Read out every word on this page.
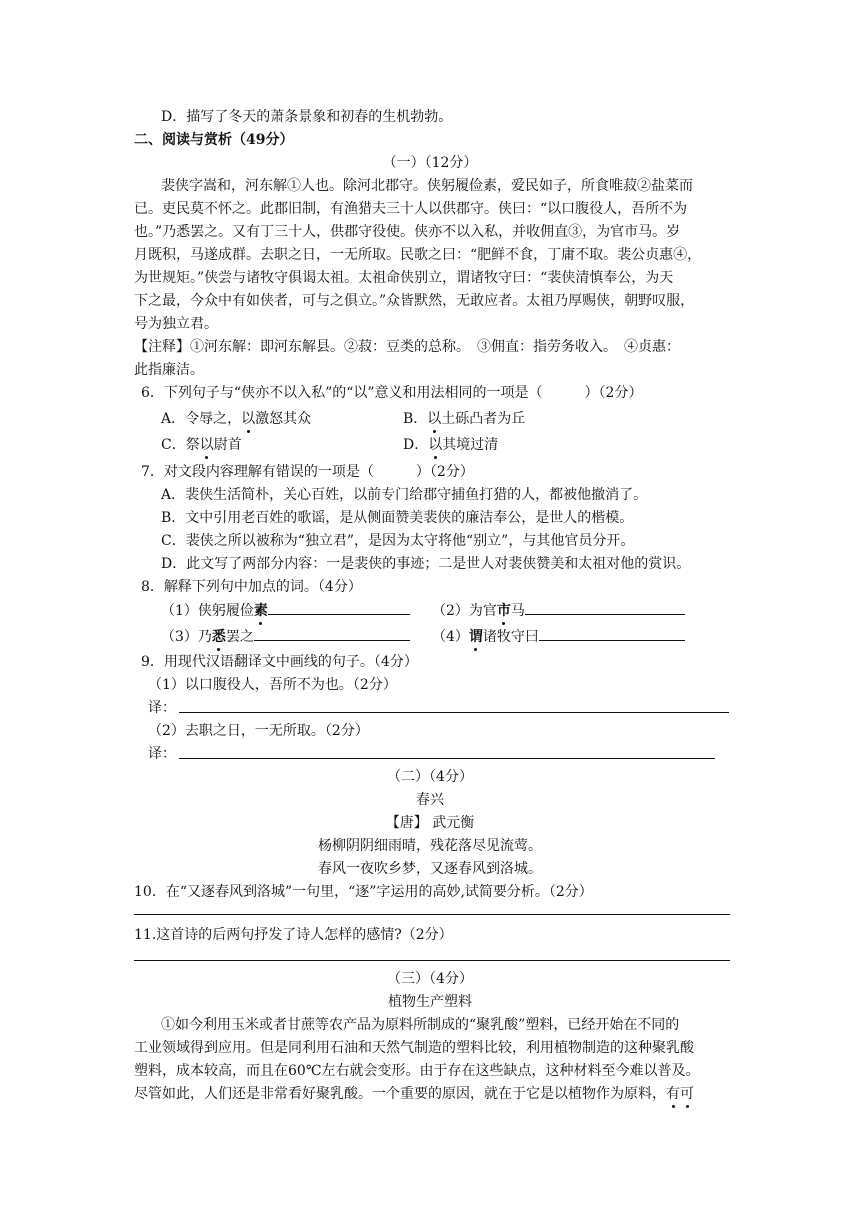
D．描写了冬天的萧条景象和初春的生机勃勃。
二、阅读与赏析（49分）
（一）（12分）
裴侠字嵩和，河东解①人也。除河北郡守。侠躬履俭素，爱民如子，所食唯菽②盐菜而
已。吏民莫不怀之。此郡旧制，有渔猎夫三十人以供郡守。侠曰：“以口腹役人，吾所不为
也。”乃悉罢之。又有丁三十人，供郡守役使。侠亦不以入私，并收佣直③，为官市马。岁
月既积，马遂成群。去职之日，一无所取。民歌之曰：“肥鲜不食，丁庸不取。裴公贞惠④，
为世规矩。”侠尝与诸牧守俱谒太祖。太祖命侠别立，谓诸牧守曰：“裴侠清慎奉公，为天
下之最，今众中有如侠者，可与之俱立。”众皆默然，无敢应者。太祖乃厚赐侠，朝野叹服，
号为独立君。
【注释】①河东解：即河东解县。②菽：豆类的总称。　③佣直：指劳务收入。　④贞惠：
此指廉洁。
6．下列句子与“侠亦不以入私”的“以”意义和用法相同的一项是（　　　）（2分）
A．令辱之，以激怒其众	B．以土砾凸者为丘
C．祭以尉首	D．以其境过清
7．对文段内容理解有错误的一项是（　　　）（2分）
A．裴侠生活简朴，关心百姓，以前专门给郡守捕鱼打猎的人，都被他撤消了。
B．文中引用老百姓的歌谣，是从侧面赞美裴侠的廉洁奉公，是世人的楷模。
C．裴侠之所以被称为“独立君”，是因为太守将他“别立”，与其他官员分开。
D．此文写了两部分内容：一是裴侠的事迹；二是世人对裴侠赞美和太祖对他的赏识。
8．解释下列句中加点的词。（4分）
（1）侠躬履俭素	（2）为官市马
（3）乃悉罢之	（4）谓诸牧守曰
9．用现代汉语翻译文中画线的句子。（4分）
（1）以口腹役人，吾所不为也。（2分）
译：
（2）去职之日，一无所取。（2分）
译：
（二）（4分）
春兴
【唐】 武元衡
杨柳阴阴细雨晴，残花落尽见流莺。
春风一夜吹乡梦，又逐春风到洛城。
10．在“又逐春风到洛城”一句里，“逐”字运用的高妙,试简要分析。（2分）
11.这首诗的后两句抒发了诗人怎样的感情?（2分）
（三）（4分）
植物生产塑料
①如今利用玉米或者甘蔗等农产品为原料所制成的“聚乳酸”塑料，已经开始在不同的
工业领域得到应用。但是同利用石油和天然气制造的塑料比较，利用植物制造的这种聚乳酸
塑料，成本较高，而且在60℃左右就会变形。由于存在这些缺点，这种材料至今难以普及。
尽管如此，人们还是非常看好聚乳酸。一个重要的原因，就在于它是以植物作为原料，有可
